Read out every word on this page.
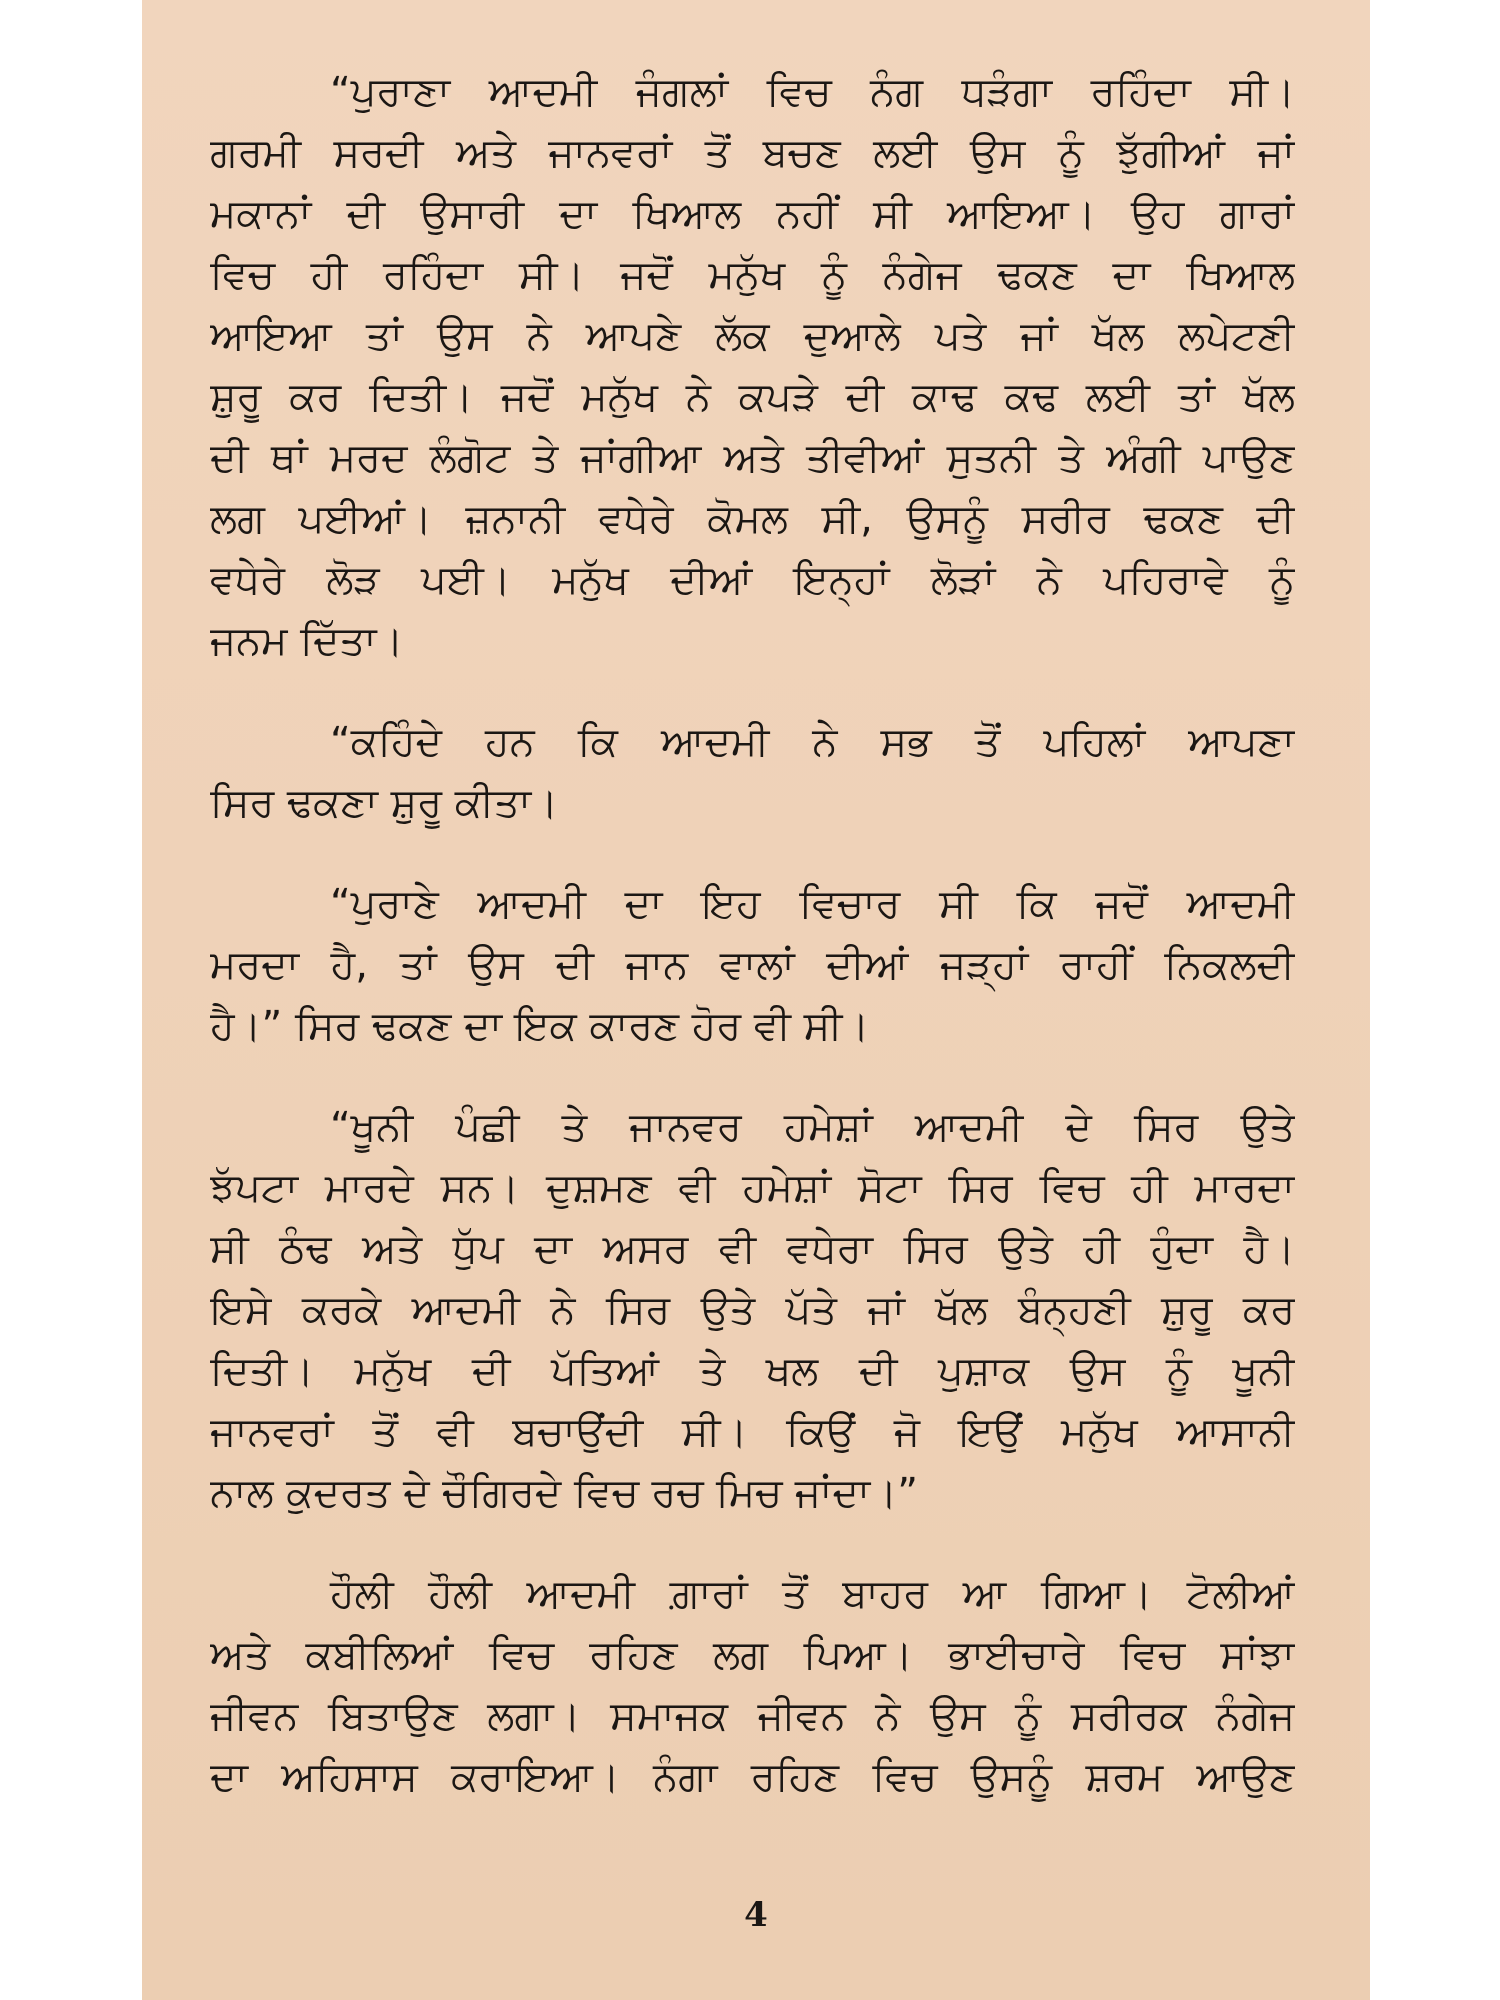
“ਪੁਰਾਣਾ ਆਦਮੀ ਜੰਗਲਾਂ ਵਿਚ ਨੰਗ ਧੜੰਗਾ ਰਹਿੰਦਾ ਸੀ।
ਗਰਮੀ ਸਰਦੀ ਅਤੇ ਜਾਨਵਰਾਂ ਤੋਂ ਬਚਣ ਲਈ ਉਸ ਨੂੰ ਝੁੱਗੀਆਂ ਜਾਂ
ਮਕਾਨਾਂ ਦੀ ਉਸਾਰੀ ਦਾ ਖਿਆਲ ਨਹੀਂ ਸੀ ਆਇਆ। ਉਹ ਗਾਰਾਂ
ਵਿਚ ਹੀ ਰਹਿੰਦਾ ਸੀ। ਜਦੋਂ ਮਨੁੱਖ ਨੂੰ ਨੰਗੇਜ ਢਕਣ ਦਾ ਖਿਆਲ
ਆਇਆ ਤਾਂ ਉਸ ਨੇ ਆਪਣੇ ਲੱਕ ਦੁਆਲੇ ਪਤੇ ਜਾਂ ਖੱਲ ਲਪੇਟਣੀ
ਸ਼ੁਰੂ ਕਰ ਦਿਤੀ। ਜਦੋਂ ਮਨੁੱਖ ਨੇ ਕਪੜੇ ਦੀ ਕਾਢ ਕਢ ਲਈ ਤਾਂ ਖੱਲ
ਦੀ ਥਾਂ ਮਰਦ ਲੰਗੋਟ ਤੇ ਜਾਂਗੀਆ ਅਤੇ ਤੀਵੀਆਂ ਸੁਤਨੀ ਤੇ ਅੰਗੀ ਪਾਉਣ
ਲਗ ਪਈਆਂ। ਜ਼ਨਾਨੀ ਵਧੇਰੇ ਕੋਮਲ ਸੀ, ਉਸਨੂੰ ਸਰੀਰ ਢਕਣ ਦੀ
ਵਧੇਰੇ ਲੋੜ ਪਈ। ਮਨੁੱਖ ਦੀਆਂ ਇਨ੍ਹਾਂ ਲੋੜਾਂ ਨੇ ਪਹਿਰਾਵੇ ਨੂੰ
ਜਨਮ ਦਿੱਤਾ।
“ਕਹਿੰਦੇ ਹਨ ਕਿ ਆਦਮੀ ਨੇ ਸਭ ਤੋਂ ਪਹਿਲਾਂ ਆਪਣਾ
ਸਿਰ ਢਕਣਾ ਸ਼ੁਰੂ ਕੀਤਾ।
“ਪੁਰਾਣੇ ਆਦਮੀ ਦਾ ਇਹ ਵਿਚਾਰ ਸੀ ਕਿ ਜਦੋਂ ਆਦਮੀ
ਮਰਦਾ ਹੈ, ਤਾਂ ਉਸ ਦੀ ਜਾਨ ਵਾਲਾਂ ਦੀਆਂ ਜੜ੍ਹਾਂ ਰਾਹੀਂ ਨਿਕਲਦੀ
ਹੈ।” ਸਿਰ ਢਕਣ ਦਾ ਇਕ ਕਾਰਣ ਹੋਰ ਵੀ ਸੀ।
“ਖੂਨੀ ਪੰਛੀ ਤੇ ਜਾਨਵਰ ਹਮੇਸ਼ਾਂ ਆਦਮੀ ਦੇ ਸਿਰ ਉਤੇ
ਝੱਪਟਾ ਮਾਰਦੇ ਸਨ। ਦੁਸ਼ਮਣ ਵੀ ਹਮੇਸ਼ਾਂ ਸੋਟਾ ਸਿਰ ਵਿਚ ਹੀ ਮਾਰਦਾ
ਸੀ ਠੰਢ ਅਤੇ ਧੁੱਪ ਦਾ ਅਸਰ ਵੀ ਵਧੇਰਾ ਸਿਰ ਉਤੇ ਹੀ ਹੁੰਦਾ ਹੈ।
ਇਸੇ ਕਰਕੇ ਆਦਮੀ ਨੇ ਸਿਰ ਉਤੇ ਪੱਤੇ ਜਾਂ ਖੱਲ ਬੰਨ੍ਹਣੀ ਸ਼ੁਰੂ ਕਰ
ਦਿਤੀ। ਮਨੁੱਖ ਦੀ ਪੱਤਿਆਂ ਤੇ ਖਲ ਦੀ ਪੁਸ਼ਾਕ ਉਸ ਨੂੰ ਖੂਨੀ
ਜਾਨਵਰਾਂ ਤੋਂ ਵੀ ਬਚਾਉਂਦੀ ਸੀ। ਕਿਉਂ ਜੋ ਇਉਂ ਮਨੁੱਖ ਆਸਾਨੀ
ਨਾਲ ਕੁਦਰਤ ਦੇ ਚੌਗਿਰਦੇ ਵਿਚ ਰਚ ਮਿਚ ਜਾਂਦਾ।”
ਹੌਲੀ ਹੌਲੀ ਆਦਮੀ ਗ਼ਾਰਾਂ ਤੋਂ ਬਾਹਰ ਆ ਗਿਆ। ਟੋਲੀਆਂ
ਅਤੇ ਕਬੀਲਿਆਂ ਵਿਚ ਰਹਿਣ ਲਗ ਪਿਆ। ਭਾਈਚਾਰੇ ਵਿਚ ਸਾਂਝਾ
ਜੀਵਨ ਬਿਤਾਉਣ ਲਗਾ। ਸਮਾਜਕ ਜੀਵਨ ਨੇ ਉਸ ਨੂੰ ਸਰੀਰਕ ਨੰਗੇਜ
ਦਾ ਅਹਿਸਾਸ ਕਰਾਇਆ। ਨੰਗਾ ਰਹਿਣ ਵਿਚ ਉਸਨੂੰ ਸ਼ਰਮ ਆਉਣ
4
